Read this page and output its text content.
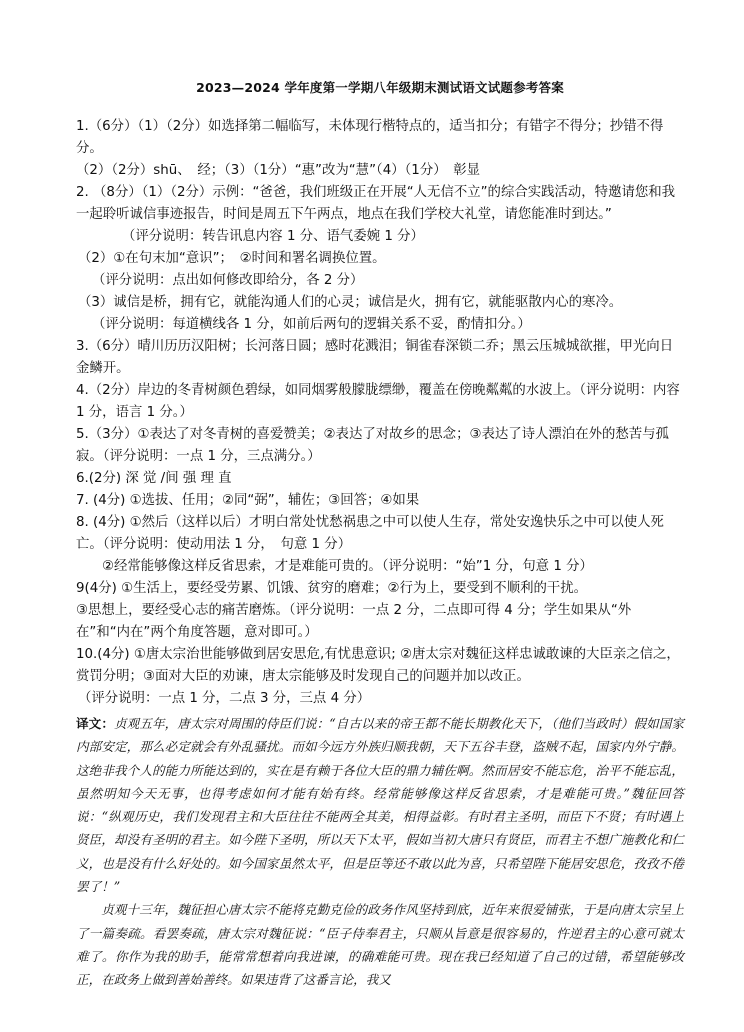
2023—2024 学年度第一学期八年级期末测试语文试题参考答案

1.（6分）（1）（2分）如选择第二幅临写，未体现行楷特点的，适当扣分；有错字不得分；抄错不得分。

（2）（2分）shū、　经；（3）（1分）“惠”改为“慧”（4）（1分）　彰显

2. （8分）（1）（2分）示例：“爸爸，我们班级正在开展“人无信不立”的综合实践活动，特邀请您和我一起聆听诚信事迹报告，时间是周五下午两点，地点在我们学校大礼堂，请您能准时到达。”

（评分说明：转告讯息内容 1 分、语气委婉 1 分）

（2）①在句末加“意识”；　②时间和署名调换位置。

（评分说明：点出如何修改即给分，各 2 分）

（3）诚信是桥，拥有它，就能沟通人们的心灵；诚信是火，拥有它，就能驱散内心的寒冷。

（评分说明：每道横线各 1 分，如前后两句的逻辑关系不妥，酌情扣分。）

3.（6分）晴川历历汉阳树；长河落日圆；感时花溅泪；铜雀春深锁二乔；黑云压城城欲摧，甲光向日金鳞开。

4.（2分）岸边的冬青树颜色碧绿，如同烟雾般朦胧缥缈，覆盖在傍晚粼粼的水波上。（评分说明：内容 1 分，语言 1 分。）

5.（3分）①表达了对冬青树的喜爱赞美；②表达了对故乡的思念；③表达了诗人漂泊在外的愁苦与孤寂。（评分说明：一点 1 分，三点满分。）

6.(2分) 深 觉 /间 强 理 直

7. (4分) ①选拔、任用；②同“弼”，辅佐；③回答；④如果

8. (4分) ①然后（这样以后）才明白常处忧愁祸患之中可以使人生存，常处安逸快乐之中可以使人死亡。（评分说明：使动用法 1 分，　句意 1 分）

②经常能够像这样反省思索，才是难能可贵的。（评分说明：“始”1 分，句意 1 分）

9(4分) ①生活上，要经受劳累、饥饿、贫穷的磨难；②行为上，要受到不顺利的干扰。

③思想上，要经受心志的痛苦磨炼。（评分说明：一点 2 分，二点即可得 4 分；学生如果从“外在”和“内在”两个角度答题，意对即可。）

10.(4分) ①唐太宗治世能够做到居安思危,有忧患意识; ②唐太宗对魏征这样忠诚敢谏的大臣亲之信之，赏罚分明；③面对大臣的劝谏，唐太宗能够及时发现自己的问题并加以改正。

（评分说明：一点 1 分，二点 3 分，三点 4 分）

译文：贞观五年，唐太宗对周围的侍臣们说：“自古以来的帝王都不能长期教化天下，（他们当政时）假如国家内部安定，那么必定就会有外乱骚扰。而如今远方外族归顺我朝，天下五谷丰登，盗贼不起，国家内外宁静。这绝非我个人的能力所能达到的，实在是有赖于各位大臣的鼎力辅佐啊。然而居安不能忘危，治平不能忘乱，虽然明知今天无事，也得考虑如何才能有始有终。经常能够像这样反省思索，才是难能可贵。”魏征回答说：“纵观历史，我们发现君主和大臣往往不能两全其美，相得益彰。有时君主圣明，而臣下不贤；有时遇上贤臣，却没有圣明的君主。如今陛下圣明，所以天下太平，假如当初大唐只有贤臣，而君主不想广施教化和仁义，也是没有什么好处的。如今国家虽然太平，但是臣等还不敢以此为喜，只希望陛下能居安思危，孜孜不倦罢了！”

贞观十三年，魏征担心唐太宗不能将克勤克俭的政务作风坚持到底，近年来很爱铺张，于是向唐太宗呈上了一篇奏疏。看罢奏疏，唐太宗对魏征说：“臣子侍奉君主，只顺从旨意是很容易的，忤逆君主的心意可就太难了。你作为我的助手，能常常想着向我进谏，的确难能可贵。现在我已经知道了自己的过错，希望能够改正，在政务上做到善始善终。如果违背了这番言论，我又
